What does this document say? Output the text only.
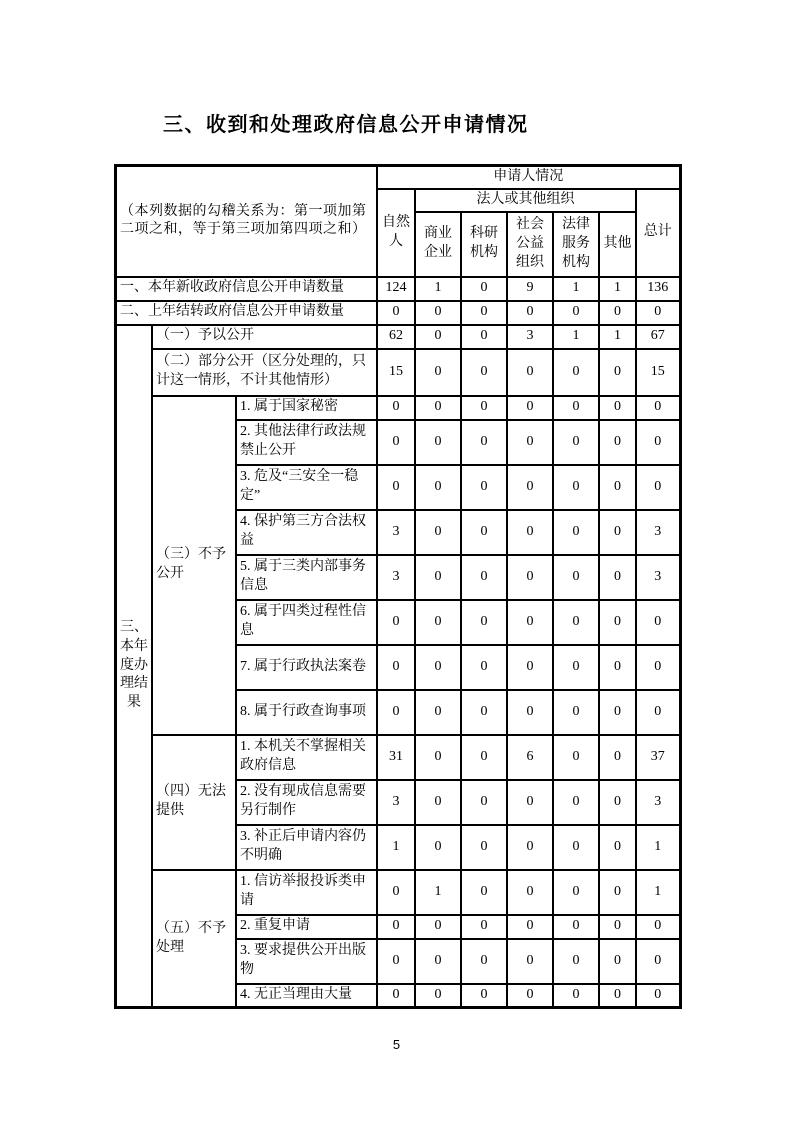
三、收到和处理政府信息公开申请情况
（本列数据的勾稽关系为：第一项加第二项之和，等于第三项加第四项之和）			申请人情况						
			自然人	法人或其他组织					总计
				商业企业	科研机构	社会公益组织	法律服务机构	其他	
一、本年新收政府信息公开申请数量			124	1	0	9	1	1	136
二、上年结转政府信息公开申请数量			0	0	0	0	0	0	0
三、本年度办理结果	（一）予以公开		62	0	0	3	1	1	67
	（二）部分公开（区分处理的，只计这一情形，不计其他情形）		15	0	0	0	0	0	15
	（三）不予公开	1. 属于国家秘密	0	0	0	0	0	0	0
		2. 其他法律行政法规禁止公开	0	0	0	0	0	0	0
		3. 危及“三安全一稳定”	0	0	0	0	0	0	0
		4. 保护第三方合法权益	3	0	0	0	0	0	3
		5. 属于三类内部事务信息	3	0	0	0	0	0	3
		6. 属于四类过程性信息	0	0	0	0	0	0	0
		7. 属于行政执法案卷	0	0	0	0	0	0	0
		8. 属于行政查询事项	0	0	0	0	0	0	0
	（四）无法提供	1. 本机关不掌握相关政府信息	31	0	0	6	0	0	37
		2. 没有现成信息需要另行制作	3	0	0	0	0	0	3
		3. 补正后申请内容仍不明确	1	0	0	0	0	0	1
	（五）不予处理	1. 信访举报投诉类申请	0	1	0	0	0	0	1
		2. 重复申请	0	0	0	0	0	0	0
		3. 要求提供公开出版物	0	0	0	0	0	0	0
		4. 无正当理由大量	0	0	0	0	0	0	0
5
